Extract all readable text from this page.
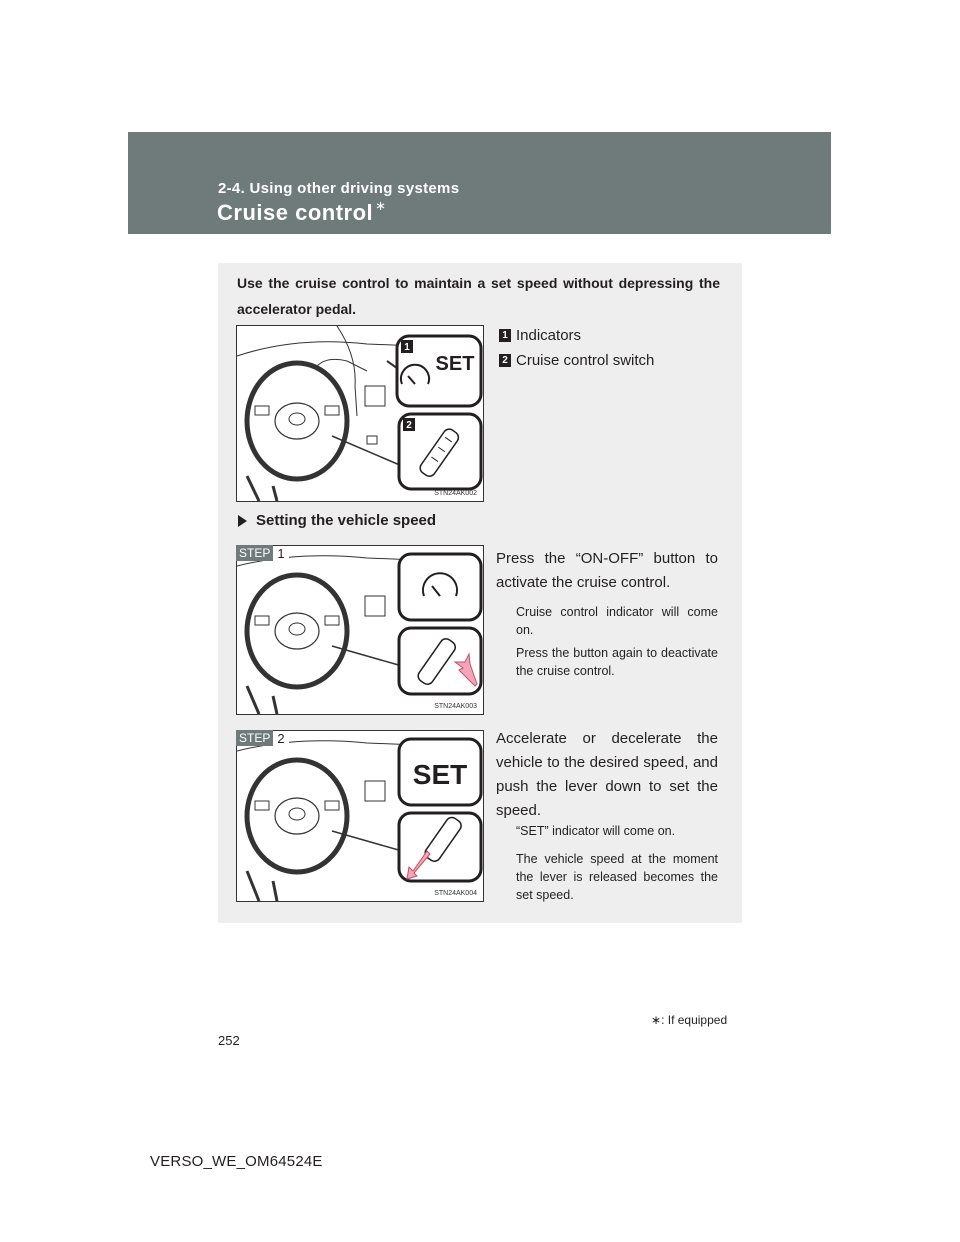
2-4. Using other driving systems
Cruise control ∗
Use the cruise control to maintain a set speed without depressing the accelerator pedal.
1
SET
2
STN24AK002
1 Indicators
2 Cruise control switch
Setting the vehicle speed
STN24AK003
STEP 1	Press the “ON-OFF” button to activate the cruise control.
Cruise control indicator will come on.
Press the button again to deactivate the cruise control.
SET
STN24AK004
STEP 2	Accelerate or decelerate the vehicle to the desired speed, and push the lever down to set the speed.
“SET” indicator will come on.
The vehicle speed at the moment the lever is released becomes the set speed.
∗: If equipped
252
VERSO_WE_OM64524E
